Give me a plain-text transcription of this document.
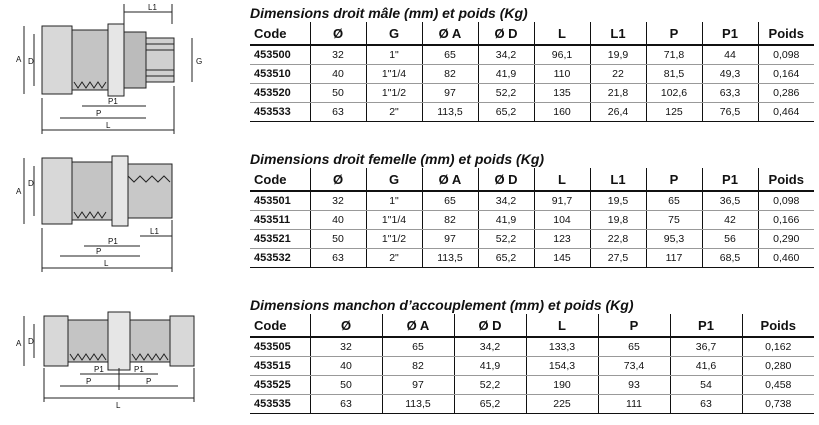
L1
A D	G
P1
P
L
D
A
P1
L1
P
L
A D
P1	P1
P	P
L
Dimensions droit mâle (mm) et poids (Kg)
Code	Ø	G	Ø A	Ø D	L	L1	P	P1	Poids
453500	32	1"	65	34,2	96,1	19,9	71,8	44	0,098
453510	40	1"1/4	82	41,9	110	22	81,5	49,3	0,164
453520	50	1"1/2	97	52,2	135	21,8	102,6	63,3	0,286
453533	63	2"	113,5	65,2	160	26,4	125	76,5	0,464
Dimensions droit femelle (mm) et poids (Kg)
Code	Ø	G	Ø A	Ø D	L	L1	P	P1	Poids
453501	32	1"	65	34,2	91,7	19,5	65	36,5	0,098
453511	40	1"1/4	82	41,9	104	19,8	75	42	0,166
453521	50	1"1/2	97	52,2	123	22,8	95,3	56	0,290
453532	63	2"	113,5	65,2	145	27,5	117	68,5	0,460
Dimensions manchon d’accouplement (mm) et poids (Kg)
Code	Ø	Ø A	Ø D	L	P	P1	Poids
453505	32	65	34,2	133,3	65	36,7	0,162
453515	40	82	41,9	154,3	73,4	41,6	0,280
453525	50	97	52,2	190	93	54	0,458
453535	63	113,5	65,2	225	111	63	0,738
